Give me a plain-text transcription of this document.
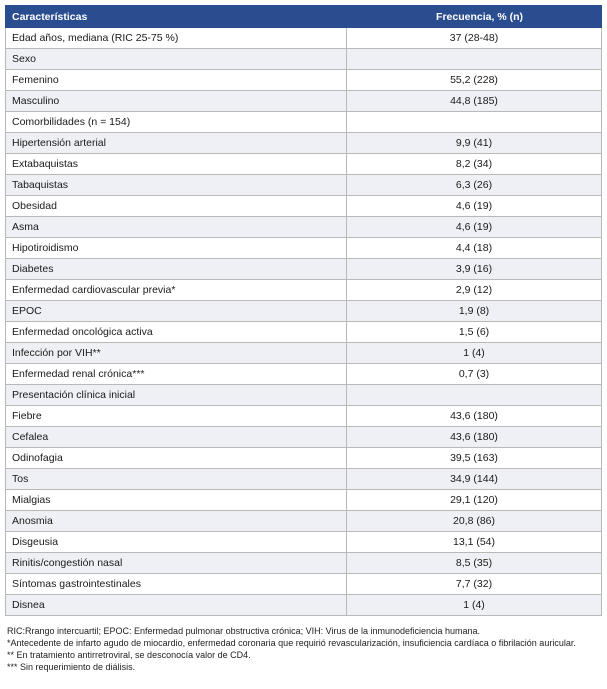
Características	Frecuencia, % (n)
Edad años, mediana (RIC 25-75 %)	37 (28-48)
Sexo	
Femenino	55,2 (228)
Masculino	44,8 (185)
Comorbilidades (n = 154)	
Hipertensión arterial	9,9 (41)
Extabaquistas	8,2 (34)
Tabaquistas	6,3 (26)
Obesidad	4,6 (19)
Asma	4,6 (19)
Hipotiroidismo	4,4 (18)
Diabetes	3,9 (16)
Enfermedad cardiovascular previa*	2,9 (12)
EPOC	1,9 (8)
Enfermedad oncológica activa	1,5 (6)
Infección por VIH**	1 (4)
Enfermedad renal crónica***	0,7 (3)
Presentación clínica inicial	
Fiebre	43,6 (180)
Cefalea	43,6 (180)
Odinofagia	39,5 (163)
Tos	34,9 (144)
Mialgias	29,1 (120)
Anosmia	20,8 (86)
Disgeusia	13,1 (54)
Rinitis/congestión nasal	8,5 (35)
Síntomas gastrointestinales	7,7 (32)
Disnea	1 (4)

RIC:Rrango intercuartil; EPOC: Enfermedad pulmonar obstructiva crónica; VIH: Virus de la inmunodeficiencia humana.

*Antecedente de infarto agudo de miocardio, enfermedad coronaria que requirió revascularización, insuficiencia cardíaca o fibrilación auricular.

** En tratamiento antirretroviral, se desconocía valor de CD4.

*** Sin requerimiento de diálisis.
